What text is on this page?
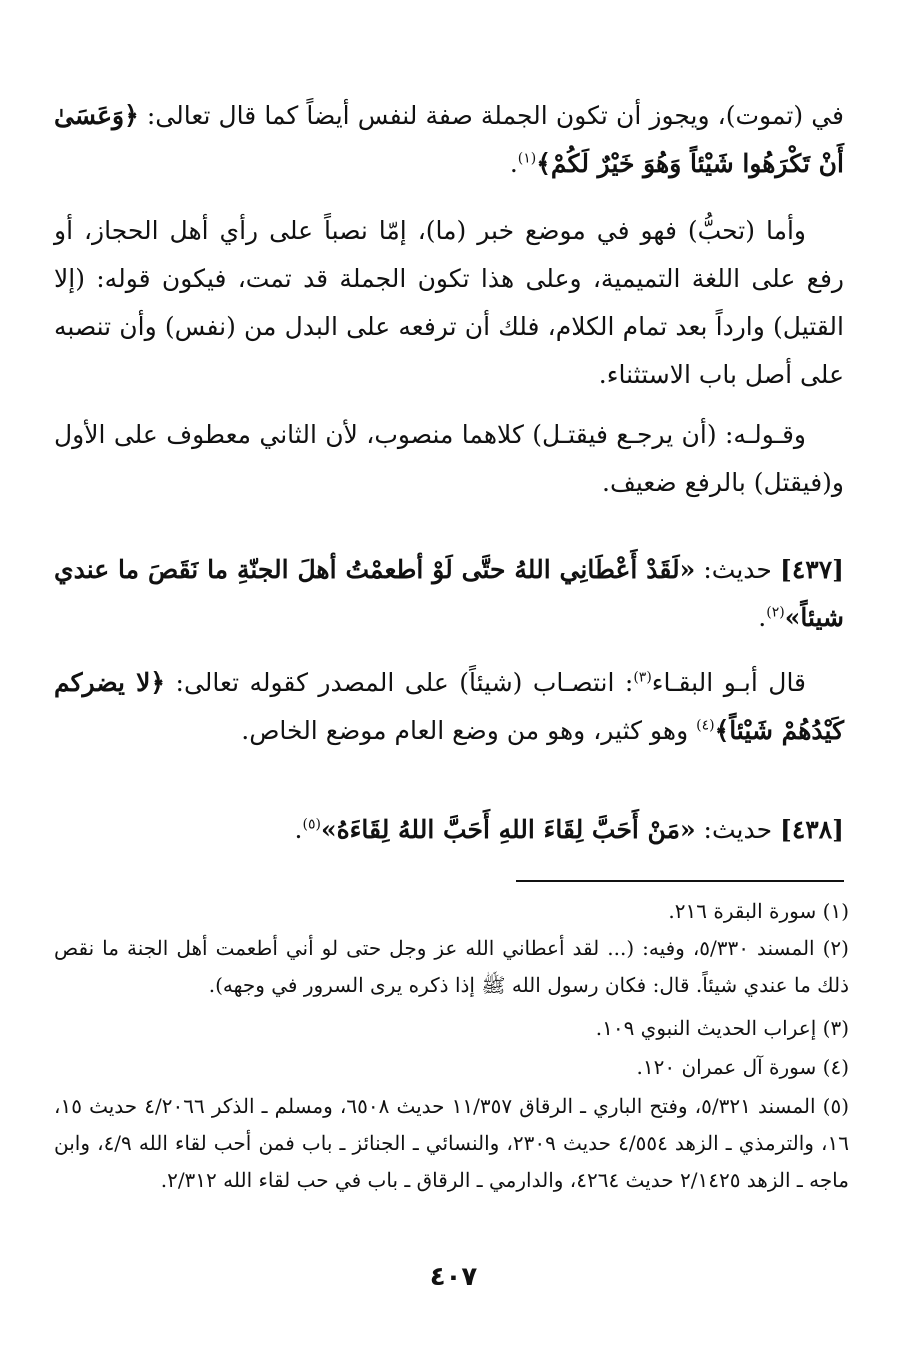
في (تموت)، ويجوز أن تكون الجملة صفة لنفس أيضاً كما قال تعالى: ﴿وَعَسَىٰ أَنْ تَكْرَهُوا شَيْئاً وَهُوَ خَيْرٌ لَكُمْ﴾$^{(١)}$.

وأما (تحبُّ) فهو في موضع خبر (ما)، إمّا نصباً على رأي أهل الحجاز، أو رفع على اللغة التميمية، وعلى هذا تكون الجملة قد تمت، فيكون قوله: (إلا القتيل) وارداً بعد تمام الكلام، فلك أن ترفعه على البدل من (نفس) وأن تنصبه على أصل باب الاستثناء.

وقـولـه: (أن يرجـع فيقتـل) كلاهما منصوب، لأن الثاني معطوف على الأول و(فيقتل) بالرفع ضعيف.

[٤٣٧] حديث: «لَقَدْ أَعْطَانِي اللهُ حتَّى لَوْ أطعمْتُ أهلَ الجنّةِ ما نَقَصَ ما عندي شيئاً»$^{(٢)}$.

قال أبـو البقـاء$^{(٣)}$: انتصـاب (شيئاً) على المصدر كقوله تعالى: ﴿لا يضركم كَيْدُهُمْ شَيْئاً﴾$^{(٤)}$ وهو كثير، وهو من وضع العام موضع الخاص.

[٤٣٨] حديث: «مَنْ أَحَبَّ لِقَاءَ اللهِ أَحَبَّ اللهُ لِقَاءَهُ»$^{(٥)}$.

(١) سورة البقرة ٢١٦.

(٢) المسند ٥/٣٣٠، وفيه: (... لقد أعطاني الله عز وجل حتى لو أني أطعمت أهل الجنة ما نقص ذلك ما عندي شيئاً. قال: فكان رسول الله ﷺ إذا ذكره يرى السرور في وجهه).

(٣) إعراب الحديث النبوي ١٠٩.

(٤) سورة آل عمران ١٢٠.

(٥) المسند ٥/٣٢١، وفتح الباري ـ الرقاق ١١/٣٥٧ حديث ٦٥٠٨، ومسلم ـ الذكر ٤/٢٠٦٦ حديث ١٥، ١٦، والترمذي ـ الزهد ٤/٥٥٤ حديث ٢٣٠٩، والنسائي ـ الجنائز ـ باب فمن أحب لقاء الله ٤/٩، وابن ماجه ـ الزهد ٢/١٤٢٥ حديث ٤٢٦٤، والدارمي ـ الرقاق ـ باب في حب لقاء الله ٢/٣١٢.

٤٠٧
